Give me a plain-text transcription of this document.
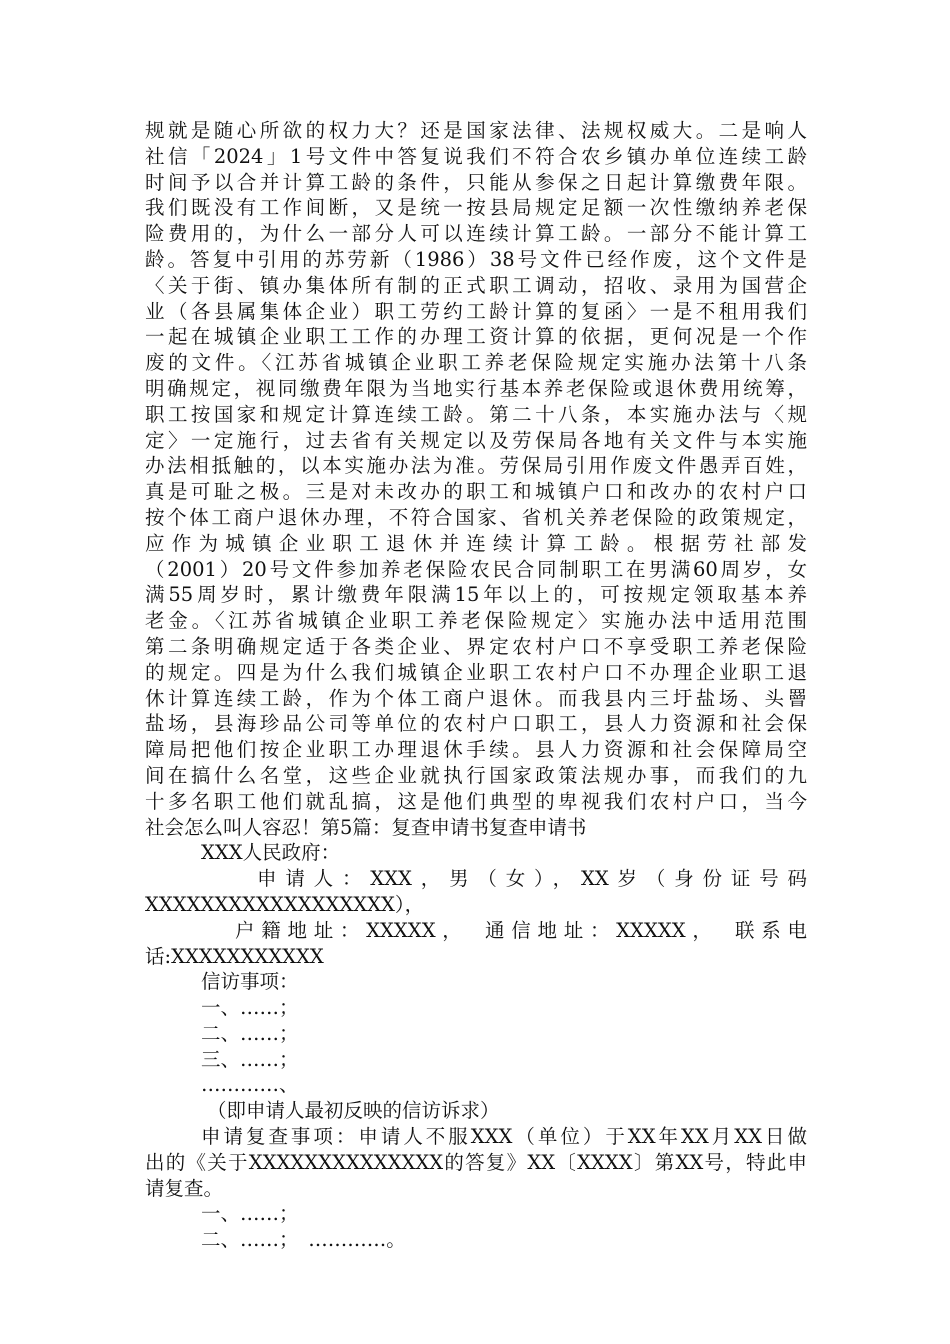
规就是随心所欲的权力大？还是国家法律、法规权威大。二是响人
社信「2024」1号文件中答复说我们不符合农乡镇办单位连续工龄
时间予以合并计算工龄的条件，只能从参保之日起计算缴费年限。
我们既没有工作间断，又是统一按县局规定足额一次性缴纳养老保
险费用的，为什么一部分人可以连续计算工龄。一部分不能计算工
龄。答复中引用的苏劳新（1986）38号文件已经作废，这个文件是
〈关于街、镇办集体所有制的正式职工调动，招收、录用为国营企
业（各县属集体企业）职工劳约工龄计算的复函〉一是不租用我们
一起在城镇企业职工工作的办理工资计算的依据，更何况是一个作
废的文件。〈江苏省城镇企业职工养老保险规定实施办法第十八条
明确规定，视同缴费年限为当地实行基本养老保险或退休费用统筹，
职工按国家和规定计算连续工龄。第二十八条，本实施办法与〈规
定〉一定施行，过去省有关规定以及劳保局各地有关文件与本实施
办法相抵触的，以本实施办法为准。劳保局引用作废文件愚弄百姓，
真是可耻之极。三是对未改办的职工和城镇户口和改办的农村户口
按个体工商户退休办理，不符合国家、省机关养老保险的政策规定，
应作为城镇企业职工退休并连续计算工龄。根据劳社部发
（2001）20号文件参加养老保险农民合同制职工在男满60周岁，女
满55周岁时，累计缴费年限满15年以上的，可按规定领取基本养
老金。〈江苏省城镇企业职工养老保险规定〉实施办法中适用范围
第二条明确规定适于各类企业、界定农村户口不享受职工养老保险
的规定。四是为什么我们城镇企业职工农村户口不办理企业职工退
休计算连续工龄，作为个体工商户退休。而我县内三圩盐场、头罾
盐场，县海珍品公司等单位的农村户口职工，县人力资源和社会保
障局把他们按企业职工办理退休手续。县人力资源和社会保障局空
间在搞什么名堂，这些企业就执行国家政策法规办事，而我们的九
十多名职工他们就乱搞，这是他们典型的卑视我们农村户口，当今
社会怎么叫人容忍！第5篇：复查申请书复查申请书
XXX人民政府：
申请人：XXX，男（女），XX岁（身份证号码
XXXXXXXXXXXXXXXXXX），
户籍地址：XXXXX，　通信地址：XXXXX，　联系电
话:XXXXXXXXXXX
信访事项：
一、……；
二、……；
三、……；
…………、
（即申请人最初反映的信访诉求）
申请复查事项：申请人不服XXX（单位）于XX年XX月XX日做
出的《关于XXXXXXXXXXXXXX的答复》XX〔XXXX〕第XX号，特此申
请复查。
一、……；
二、……；　…………。
